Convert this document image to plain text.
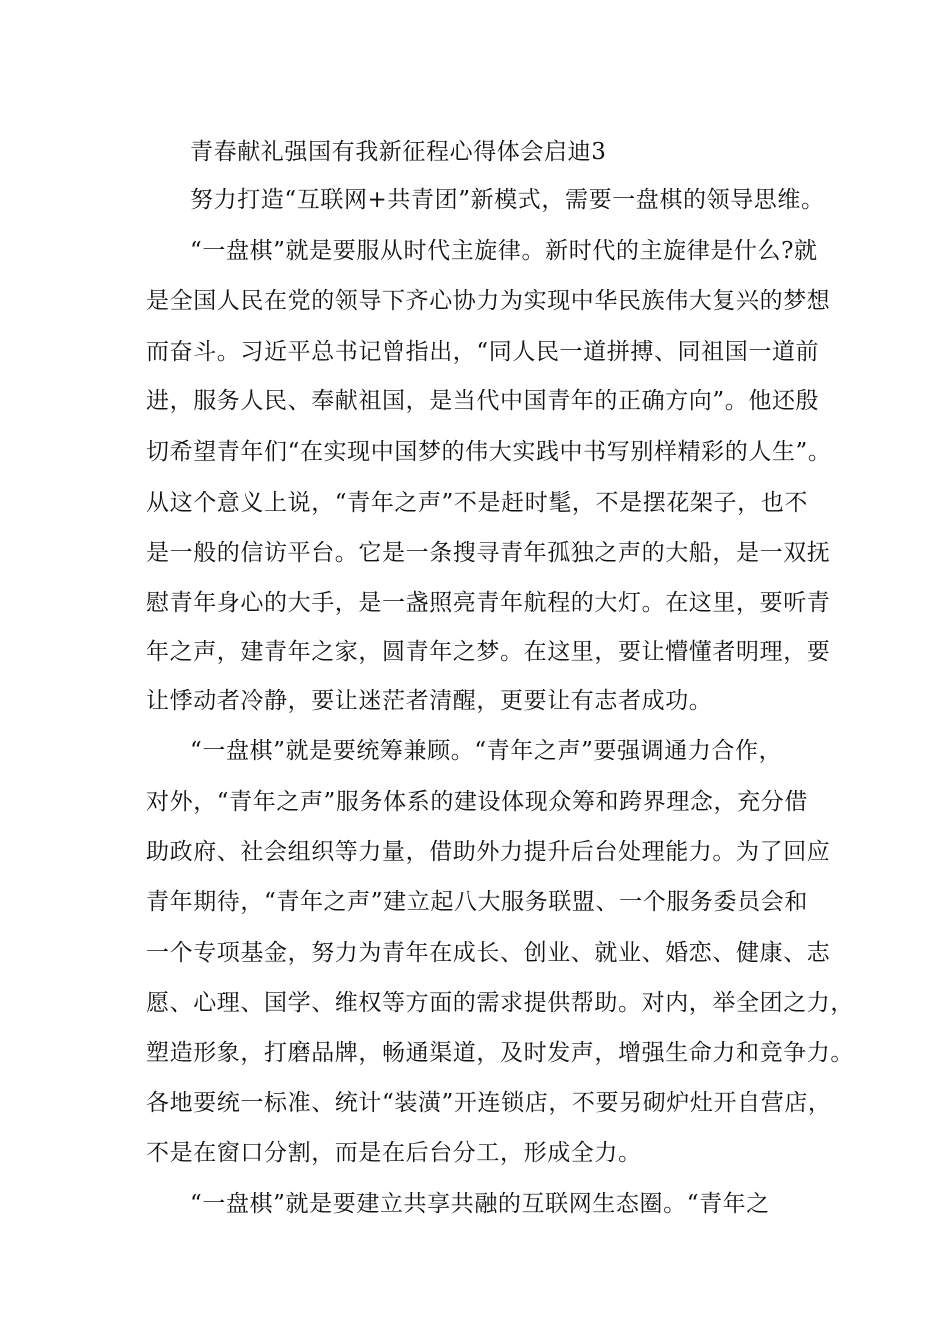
青春献礼强国有我新征程心得体会启迪3
努力打造“互联网+共青团”新模式，需要一盘棋的领导思维。
“一盘棋”就是要服从时代主旋律。新时代的主旋律是什么?就
是全国人民在党的领导下齐心协力为实现中华民族伟大复兴的梦想
而奋斗。习近平总书记曾指出，“同人民一道拼搏、同祖国一道前
进，服务人民、奉献祖国，是当代中国青年的正确方向”。他还殷
切希望青年们“在实现中国梦的伟大实践中书写别样精彩的人生”。
从这个意义上说，“青年之声”不是赶时髦，不是摆花架子，也不
是一般的信访平台。它是一条搜寻青年孤独之声的大船，是一双抚
慰青年身心的大手，是一盏照亮青年航程的大灯。在这里，要听青
年之声，建青年之家，圆青年之梦。在这里，要让懵懂者明理，要
让悸动者冷静，要让迷茫者清醒，更要让有志者成功。
“一盘棋”就是要统筹兼顾。“青年之声”要强调通力合作，
对外，“青年之声”服务体系的建设体现众筹和跨界理念，充分借
助政府、社会组织等力量，借助外力提升后台处理能力。为了回应
青年期待，“青年之声”建立起八大服务联盟、一个服务委员会和
一个专项基金，努力为青年在成长、创业、就业、婚恋、健康、志
愿、心理、国学、维权等方面的需求提供帮助。对内，举全团之力，
塑造形象，打磨品牌，畅通渠道，及时发声，增强生命力和竞争力。
各地要统一标准、统计“装潢”开连锁店，不要另砌炉灶开自营店，
不是在窗口分割，而是在后台分工，形成全力。
“一盘棋”就是要建立共享共融的互联网生态圈。“青年之
